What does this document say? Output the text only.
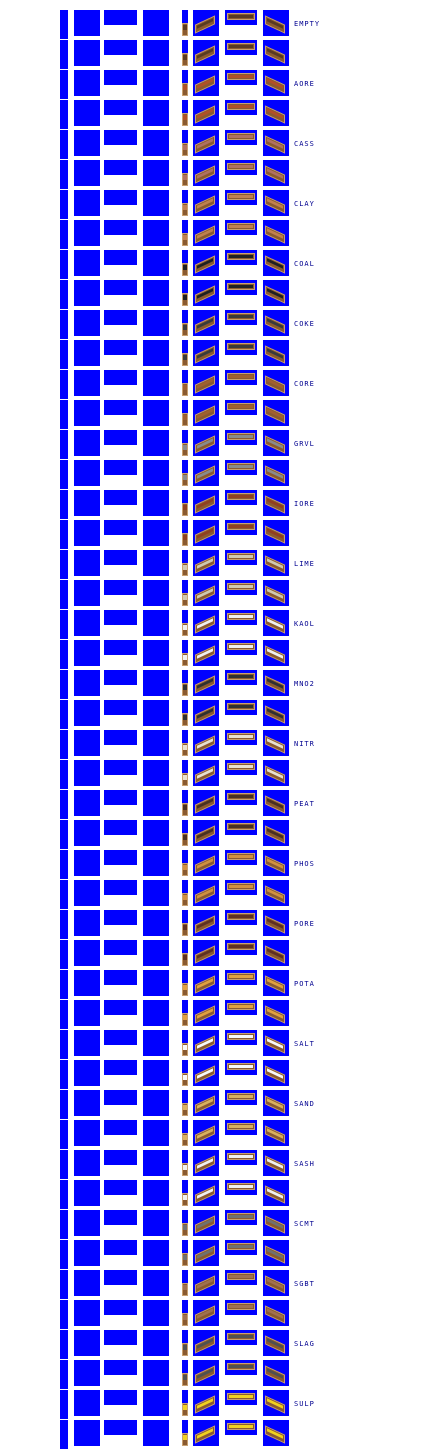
EMPTY
AORE
CASS
CLAY
COAL
COKE
CORE
GRVL
IORE
LIME
KAOL
MNO2
NITR
PEAT
PHOS
PORE
POTA
SALT
SAND
SASH
SCMT
SGBT
SLAG
SULP
